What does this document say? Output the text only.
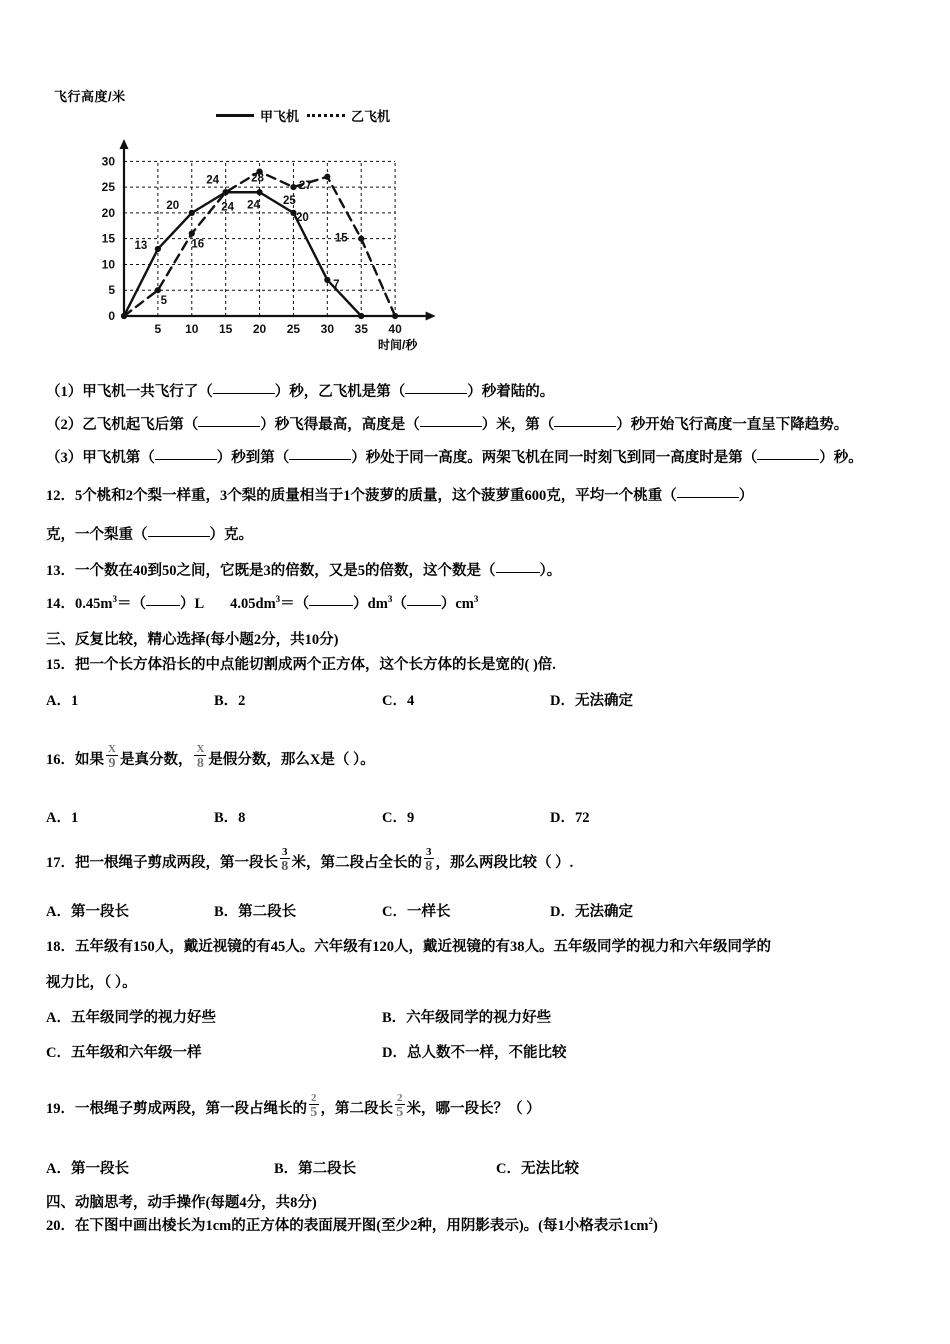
飞行高度/米
甲飞机	乙飞机
0
5
10
15
20
25
30
5 10 15 20 25 30 35 40
13
20
24
24
20
7
5
16
24
28
25
27
15
时间/秒
（1）甲飞机一共飞行了（	）秒，乙飞机是第（	）秒着陆的。
（2）乙飞机起飞后第（	）秒飞得最高，高度是（	）米，第（	）秒开始飞行高度一直呈下降趋势。
（3）甲飞机第（	）秒到第（	）秒处于同一高度。两架飞机在同一时刻飞到同一高度时是第（	）秒。
12．5个桃和2个梨一样重，3个梨的质量相当于1个菠萝的质量，这个菠萝重600克，平均一个桃重（	）
克，一个梨重（	）克。
13．一个数在40到50之间，它既是3的倍数，又是5的倍数，这个数是（	）。
14．$0.45m^3=$（ ）L $4.05dm^3=$（	）$dm^3$（ ）$cm^3$
三、反复比较，精心选择(每小题2分，共10分)
15．把一个长方体沿长的中点能切割成两个正方体，这个长方体的长是宽的( )倍.
A．1	B．2	C．4	D．无法确定
16．如果 $\frac{X}{9}$ 是真分数， $\frac{X}{8}$ 是假分数，那么X是（ ）。
A．1	B．8	C．9	D．72
17．把一根绳子剪成两段，第一段长 $\frac{3}{8}$ 米，第二段占全长的 $\frac{3}{8}$ ，那么两段比较（ ）.
A．第一段长	B．第二段长	C．一样长	D．无法确定
18．五年级有150人，戴近视镜的有45人。六年级有120人，戴近视镜的有38人。五年级同学的视力和六年级同学的
视力比，（ ）。
A．五年级同学的视力好些	B．六年级同学的视力好些
C．五年级和六年级一样	D．总人数不一样，不能比较
19．一根绳子剪成两段，第一段占绳长的 $\frac{2}{5}$ ，第二段长 $\frac{2}{5}$ 米，哪一段长？（ ）
A．第一段长	B．第二段长	C．无法比较
四、动脑思考，动手操作(每题4分，共8分)
20．在下图中画出棱长为1cm的正方体的表面展开图(至少2种，用阴影表示)。(每1小格表示$1cm^2$)
